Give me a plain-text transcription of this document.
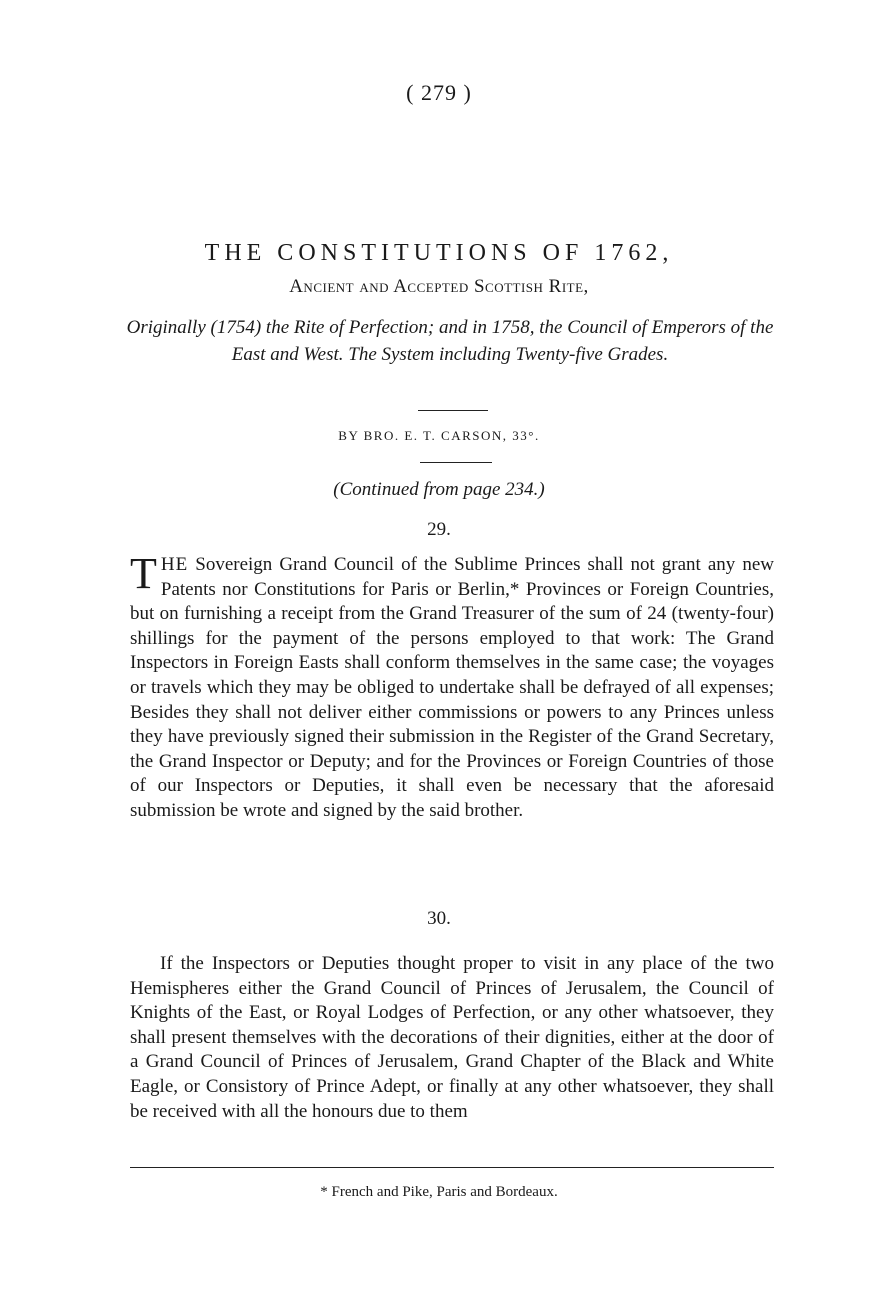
( 279 )
THE CONSTITUTIONS OF 1762,
Ancient and Accepted Scottish Rite,
Originally (1754) the Rite of Perfection; and in 1758, the Council of Emperors of the East and West. The System including Twenty-five Grades.
BY BRO. E. T. CARSON, 33°.
(Continued from page 234.)
29.
THE Sovereign Grand Council of the Sublime Princes shall not grant any new Patents nor Constitutions for Paris or Berlin,* Provinces or Foreign Countries, but on furnishing a receipt from the Grand Treasurer of the sum of 24 (twenty-four) shillings for the payment of the persons employed to that work: The Grand Inspectors in Foreign Easts shall conform themselves in the same case; the voyages or travels which they may be obliged to undertake shall be defrayed of all expenses; Besides they shall not deliver either commissions or powers to any Princes unless they have previously signed their submission in the Register of the Grand Secretary, the Grand Inspector or Deputy; and for the Provinces or Foreign Countries of those of our Inspectors or Deputies, it shall even be necessary that the aforesaid submission be wrote and signed by the said brother.
30.
If the Inspectors or Deputies thought proper to visit in any place of the two Hemispheres either the Grand Council of Princes of Jerusalem, the Council of Knights of the East, or Royal Lodges of Perfection, or any other whatsoever, they shall present themselves with the decorations of their dignities, either at the door of a Grand Council of Princes of Jerusalem, Grand Chapter of the Black and White Eagle, or Consistory of Prince Adept, or finally at any other whatsoever, they shall be received with all the honours due to them
* French and Pike, Paris and Bordeaux.
